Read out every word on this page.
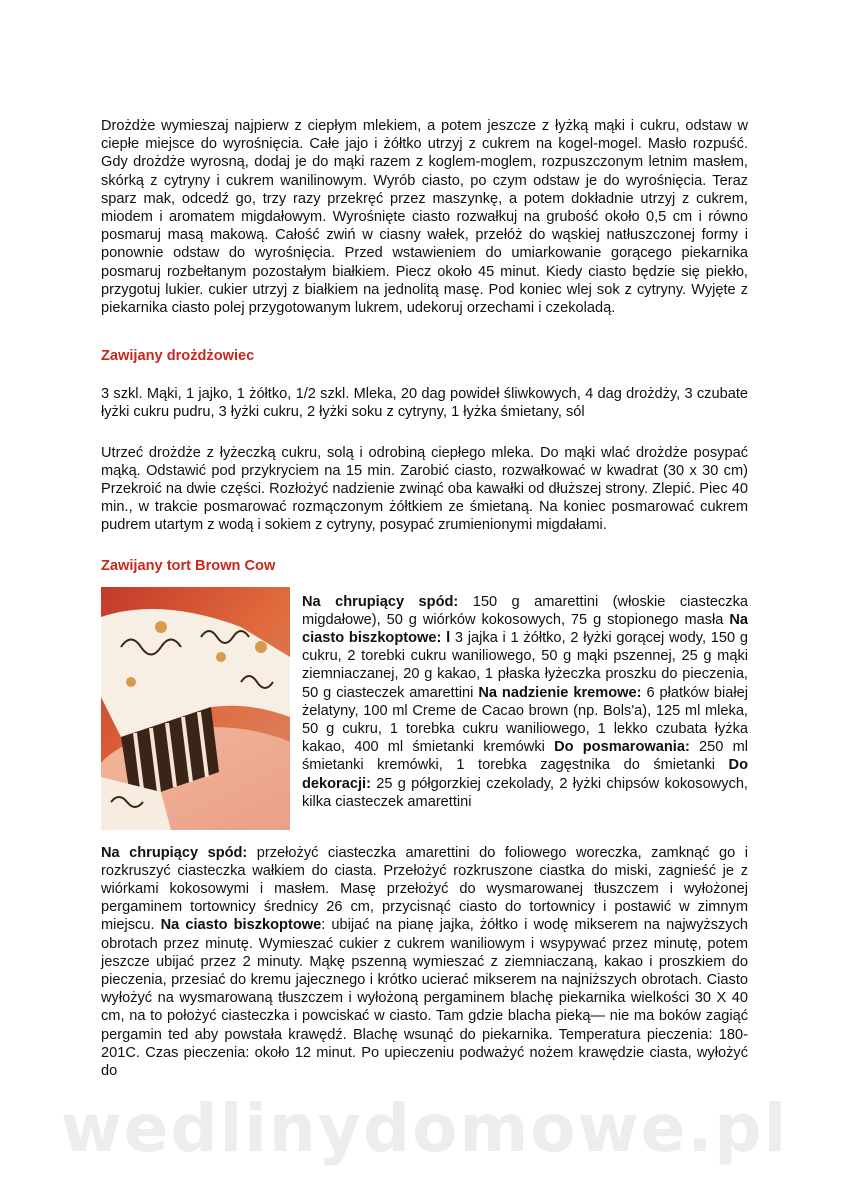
wedlinydomowe.pl

Drożdże wymieszaj najpierw z ciepłym mlekiem, a potem jeszcze z łyżką mąki i cukru, odstaw w ciepłe miejsce do wyrośnięcia. Całe jajo i żółtko utrzyj z cukrem na kogel-mogel. Masło rozpuść. Gdy drożdże wyrosną, dodaj je do mąki razem z koglem-moglem, rozpuszczonym letnim masłem, skórką z cytryny i cukrem wanilinowym. Wyrób ciasto, po czym odstaw je do wyrośnięcia. Teraz sparz mak, odcedź go, trzy razy przekręć przez maszynkę, a potem dokładnie utrzyj z cukrem, miodem i aromatem migdałowym. Wyrośnięte ciasto rozwałkuj na grubość około 0,5 cm i równo posmaruj masą makową. Całość zwiń w ciasny wałek, przełóż do wąskiej natłuszczonej formy i ponownie odstaw do wyrośnięcia. Przed wstawieniem do umiarkowanie gorącego piekarnika posmaruj rozbełtanym pozostałym białkiem. Piecz około 45 minut. Kiedy ciasto będzie się piekło, przygotuj lukier. cukier utrzyj z białkiem na jednolitą masę. Pod koniec wlej sok z cytryny. Wyjęte z piekarnika ciasto polej przygotowanym lukrem, udekoruj orzechami i czekoladą.

Zawijany drożdżowiec

3 szkl. Mąki, 1 jajko, 1 żółtko, 1/2 szkl. Mleka, 20 dag powideł śliwkowych, 4 dag drożdży, 3 czubate łyżki cukru pudru, 3 łyżki cukru, 2 łyżki soku z cytryny, 1 łyżka śmietany, sól

Utrzeć drożdże z łyżeczką cukru, solą i odrobiną ciepłego mleka. Do mąki wlać drożdże posypać mąką. Odstawić pod przykryciem na 15 min. Zarobić ciasto, rozwałkować w kwadrat (30 x 30 cm) Przekroić na dwie części. Rozłożyć nadzienie zwinąć oba kawałki od dłuższej strony. Zlepić. Piec 40 min., w trakcie posmarować rozmączonym żółtkiem ze śmietaną. Na koniec posmarować cukrem pudrem utartym z wodą i sokiem z cytryny, posypać zrumienionymi migdałami.

Zawijany tort Brown Cow
Na chrupiący spód: 150 g amarettini (włoskie ciasteczka migdałowe), 50 g wiórków kokosowych, 75 g stopionego masła Na ciasto biszkoptowe: l 3 jajka i 1 żółtko, 2 łyżki gorącej wody, 150 g cukru, 2 torebki cukru waniliowego, 50 g mąki pszennej, 25 g mąki ziemniaczanej, 20 g kakao, 1 płaska łyżeczka proszku do pieczenia, 50 g ciasteczek amarettini Na nadzienie kremowe: 6 płatków białej żelatyny, 100 ml Creme de Cacao brown (np. Bols'a), 125 ml mleka, 50 g cukru, 1 torebka cukru waniliowego, 1 lekko czubata łyżka kakao, 400 ml śmietanki kremówki Do posmarowania: 250 ml śmietanki kremówki, 1 torebka zagęstnika do śmietanki Do dekoracji: 25 g półgorzkiej czekolady, 2 łyżki chipsów kokosowych, kilka ciasteczek amarettini

Na chrupiący spód: przełożyć ciasteczka amarettini do foliowego woreczka, zamknąć go i rozkruszyć ciasteczka wałkiem do ciasta. Przełożyć rozkruszone ciastka do miski, zagnieść je z wiórkami kokosowymi i masłem. Masę przełożyć do wysmarowanej tłuszczem i wyłożonej pergaminem tortownicy średnicy 26 cm, przycisnąć ciasto do tortownicy i postawić w zimnym miejscu. Na ciasto biszkoptowe: ubijać na pianę jajka, żółtko i wodę mikserem na najwyższych obrotach przez minutę. Wymieszać cukier z cukrem waniliowym i wsypywać przez minutę, potem jeszcze ubijać przez 2 minuty. Mąkę pszenną wymieszać z ziemniaczaną, kakao i proszkiem do pieczenia, przesiać do kremu jajecznego i krótko ucierać mikserem na najniższych obrotach. Ciasto wyłożyć na wysmarowaną tłuszczem i wyłożoną pergaminem blachę piekarnika wielkości 30 X 40 cm, na to położyć ciasteczka i powciskać w ciasto. Tam gdzie blacha pieką— nie ma boków zagiąć pergamin ted aby powstała krawędź. Blachę wsunąć do piekarnika. Temperatura pieczenia: 180-201C. Czas pieczenia: około 12 minut. Po upieczeniu podważyć nożem krawędzie ciasta, wyłożyć do
